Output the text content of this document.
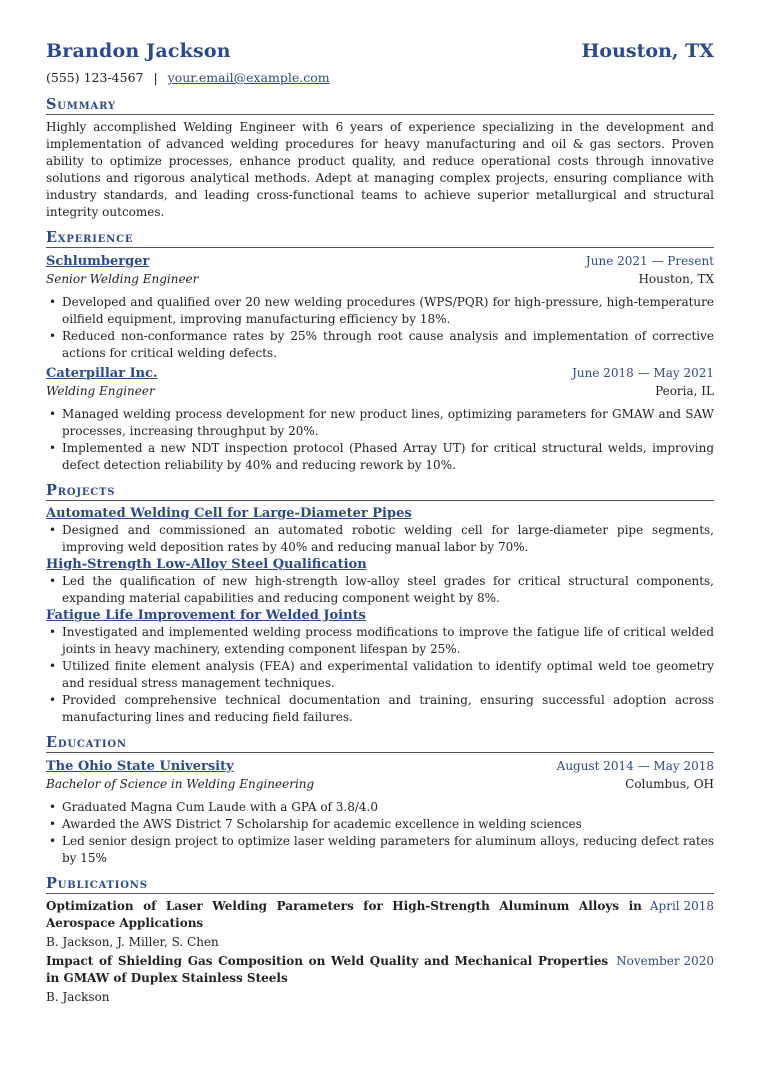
Brandon Jackson	Houston, TX
(555) 123-4567 | your.email@example.com
Summary

Highly accomplished Welding Engineer with 6 years of experience specializing in the development and implementation of advanced welding procedures for heavy manufacturing and oil & gas sectors. Proven ability to optimize processes, enhance product quality, and reduce operational costs through innovative solutions and rigorous analytical methods. Adept at managing complex projects, ensuring compliance with industry standards, and leading cross-functional teams to achieve superior metallurgical and structural integrity outcomes.

Experience
Schlumberger	June 2021 — Present
Senior Welding Engineer	Houston, TX
• Developed and qualified over 20 new welding procedures (WPS/PQR) for high-pressure, high-temperature oilfield equipment, improving manufacturing efficiency by 18%.
• Reduced non-conformance rates by 25% through root cause analysis and implementation of corrective actions for critical welding defects.
Caterpillar Inc.	June 2018 — May 2021
Welding Engineer	Peoria, IL
• Managed welding process development for new product lines, optimizing parameters for GMAW and SAW processes, increasing throughput by 20%.
• Implemented a new NDT inspection protocol (Phased Array UT) for critical structural welds, improving defect detection reliability by 40% and reducing rework by 10%.
Projects
Automated Welding Cell for Large-Diameter Pipes
• Designed and commissioned an automated robotic welding cell for large-diameter pipe segments, improving weld deposition rates by 40% and reducing manual labor by 70%.
High-Strength Low-Alloy Steel Qualification
• Led the qualification of new high-strength low-alloy steel grades for critical structural components, expanding material capabilities and reducing component weight by 8%.
Fatigue Life Improvement for Welded Joints
• Investigated and implemented welding process modifications to improve the fatigue life of critical welded joints in heavy machinery, extending component lifespan by 25%.
• Utilized finite element analysis (FEA) and experimental validation to identify optimal weld toe geometry and residual stress management techniques.
• Provided comprehensive technical documentation and training, ensuring successful adoption across manufacturing lines and reducing field failures.
Education
The Ohio State University	August 2014 — May 2018
Bachelor of Science in Welding Engineering	Columbus, OH
• Graduated Magna Cum Laude with a GPA of 3.8/4.0
• Awarded the AWS District 7 Scholarship for academic excellence in welding sciences
• Led senior design project to optimize laser welding parameters for aluminum alloys, reducing defect rates by 15%
Publications
Optimization of Laser Welding Parameters for High-Strength Aluminum Alloys in Aerospace Applications
April 2018
B. Jackson, J. Miller, S. Chen
Impact of Shielding Gas Composition on Weld Quality and Mechanical Properties in GMAW of Duplex Stainless Steels
November 2020
B. Jackson
